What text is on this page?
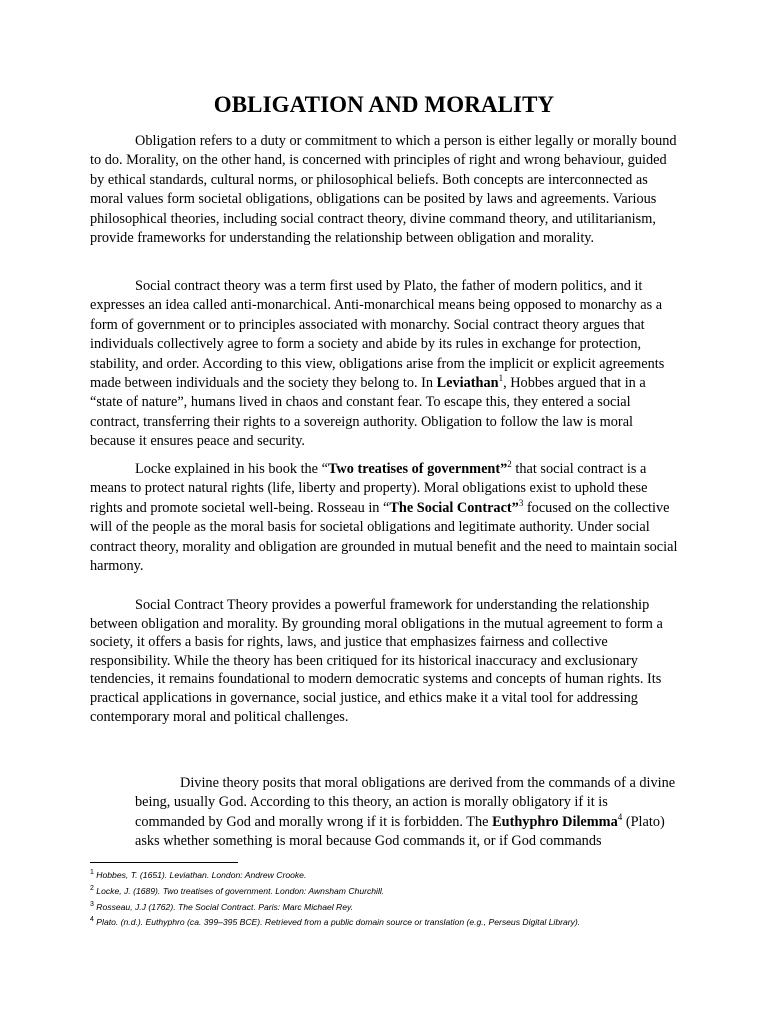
OBLIGATION AND MORALITY

Obligation refers to a duty or commitment to which a person is either legally or morally bound to do. Morality, on the other hand, is concerned with principles of right and wrong behaviour, guided by ethical standards, cultural norms, or philosophical beliefs. Both concepts are interconnected as moral values form societal obligations, obligations can be posited by laws and agreements. Various philosophical theories, including social contract theory, divine command theory, and utilitarianism, provide frameworks for understanding the relationship between obligation and morality.

Social contract theory was a term first used by Plato, the father of modern politics, and it expresses an idea called anti-monarchical. Anti-monarchical means being opposed to monarchy as a form of government or to principles associated with monarchy. Social contract theory argues that individuals collectively agree to form a society and abide by its rules in exchange for protection, stability, and order. According to this view, obligations arise from the implicit or explicit agreements made between individuals and the society they belong to. In Leviathan$^1$, Hobbes argued that in a “state of nature”, humans lived in chaos and constant fear. To escape this, they entered a social contract, transferring their rights to a sovereign authority. Obligation to follow the law is moral because it ensures peace and security.

Locke explained in his book the “Two treatises of government”$^2$ that social contract is a means to protect natural rights (life, liberty and property). Moral obligations exist to uphold these rights and promote societal well-being. Rosseau in “The Social Contract”$^3$ focused on the collective will of the people as the moral basis for societal obligations and legitimate authority. Under social contract theory, morality and obligation are grounded in mutual benefit and the need to maintain social harmony.

Social Contract Theory provides a powerful framework for understanding the relationship between obligation and morality. By grounding moral obligations in the mutual agreement to form a society, it offers a basis for rights, laws, and justice that emphasizes fairness and collective responsibility. While the theory has been critiqued for its historical inaccuracy and exclusionary tendencies, it remains foundational to modern democratic systems and concepts of human rights. Its practical applications in governance, social justice, and ethics make it a vital tool for addressing contemporary moral and political challenges.

Divine theory posits that moral obligations are derived from the commands of a divine being, usually God. According to this theory, an action is morally obligatory if it is commanded by God and morally wrong if it is forbidden. The Euthyphro Dilemma$^4$ (Plato) asks whether something is moral because God commands it, or if God commands

$^1$ Hobbes, T. (1651). Leviathan. London: Andrew Crooke.
$^2$ Locke, J. (1689). Two treatises of government. London: Awnsham Churchill.
$^3$ Rosseau, J.J (1762). The Social Contract. Paris: Marc Michael Rey.
$^4$ Plato. (n.d.). Euthyphro (ca. 399–395 BCE). Retrieved from a public domain source or translation (e.g., Perseus Digital Library).
